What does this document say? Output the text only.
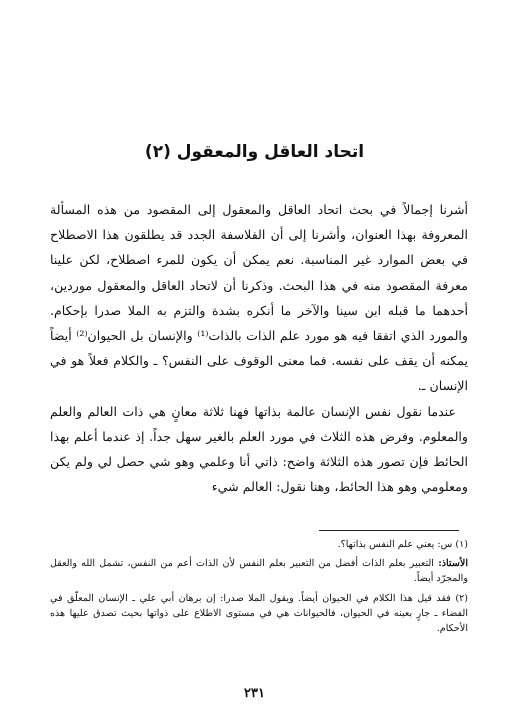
اتحاد العاقل والمعقول (٢)

أشرنا إجمالاً في بحث اتحاد العاقل والمعقول إلى المقصود من هذه المسألة المعروفة بهذا العنوان، وأشرنا إلى أن الفلاسفة الجدد قد يطلقون هذا الاصطلاح في بعض الموارد غير المناسبة. نعم يمكن أن يكون للمرء اصطلاح، لكن علينا معرفة المقصود منه في هذا البحث. وذكرنا أن لاتحاد العاقل والمعقول موردين، أحدهما ما قبله ابن سينا والآخر ما أنكره بشدة والتزم به الملا صدرا بإحكام. والمورد الذي اتفقا فيه هو مورد علم الذات بالذات⁽¹⁾ والإنسان بل الحيوان⁽²⁾ أيضاً يمكنه أن يقف على نفسه. فما معنى الوقوف على النفس؟ ـ والكلام فعلاً هو في الإنسان ـ.

عندما نقول نفس الإنسان عالمة بذاتها فهنا ثلاثة معانٍ هي ذات العالم والعلم والمعلوم. وفرض هذه الثلاث في مورد العلم بالغير سهل جداً. إذ عندما أعلم بهذا الحائط فإن تصور هذه الثلاثة واضح: ذاتي أنا وعلمي وهو شي حصل لي ولم يكن ومعلومي وهو هذا الحائط، وهنا نقول: العالم شيء

(١) س: يعني علم النفس بذاتها؟.

الأستاذ: التعبير بعلم الذات أفضل من التعبير بعلم النفس لأن الذات أعم من النفس، تشمل الله والعقل والمجرّد أيضاً.

(٢) فقد قيل هذا الكلام في الحيوان أيضاً. ويقول الملا صدرا: إن برهان أبي علي ـ الإنسان المعلّق في الفضاء ـ جارٍ بعينه في الحيوان، فالحيوانات هي في مستوى الاطلاع على ذواتها بحيث تصدق عليها هذه الأحكام.

٢٣١
